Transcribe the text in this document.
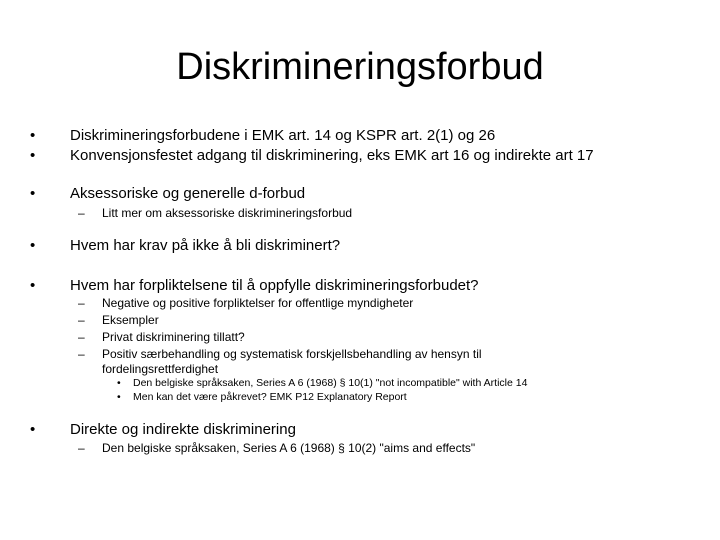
Diskrimineringsforbud
• Diskrimineringsforbudene i EMK art. 14 og KSPR art. 2(1) og 26
• Konvensjonsfestet adgang til diskriminering, eks EMK art 16 og indirekte art 17
• Aksessoriske og generelle d-forbud
– Litt mer om aksessoriske diskrimineringsforbud
• Hvem har krav på ikke å bli diskriminert?
• Hvem har forpliktelsene til å oppfylle diskrimineringsforbudet?
– Negative og positive forpliktelser for offentlige myndigheter
– Eksempler
– Privat diskriminering tillatt?
– Positiv særbehandling og systematisk forskjellsbehandling av hensyn til
fordelingsrettferdighet
• Den belgiske språksaken, Series A 6 (1968) § 10(1) "not incompatible" with Article 14
• Men kan det være påkrevet? EMK P12 Explanatory Report
• Direkte og indirekte diskriminering
– Den belgiske språksaken, Series A 6 (1968) § 10(2) "aims and effects"
